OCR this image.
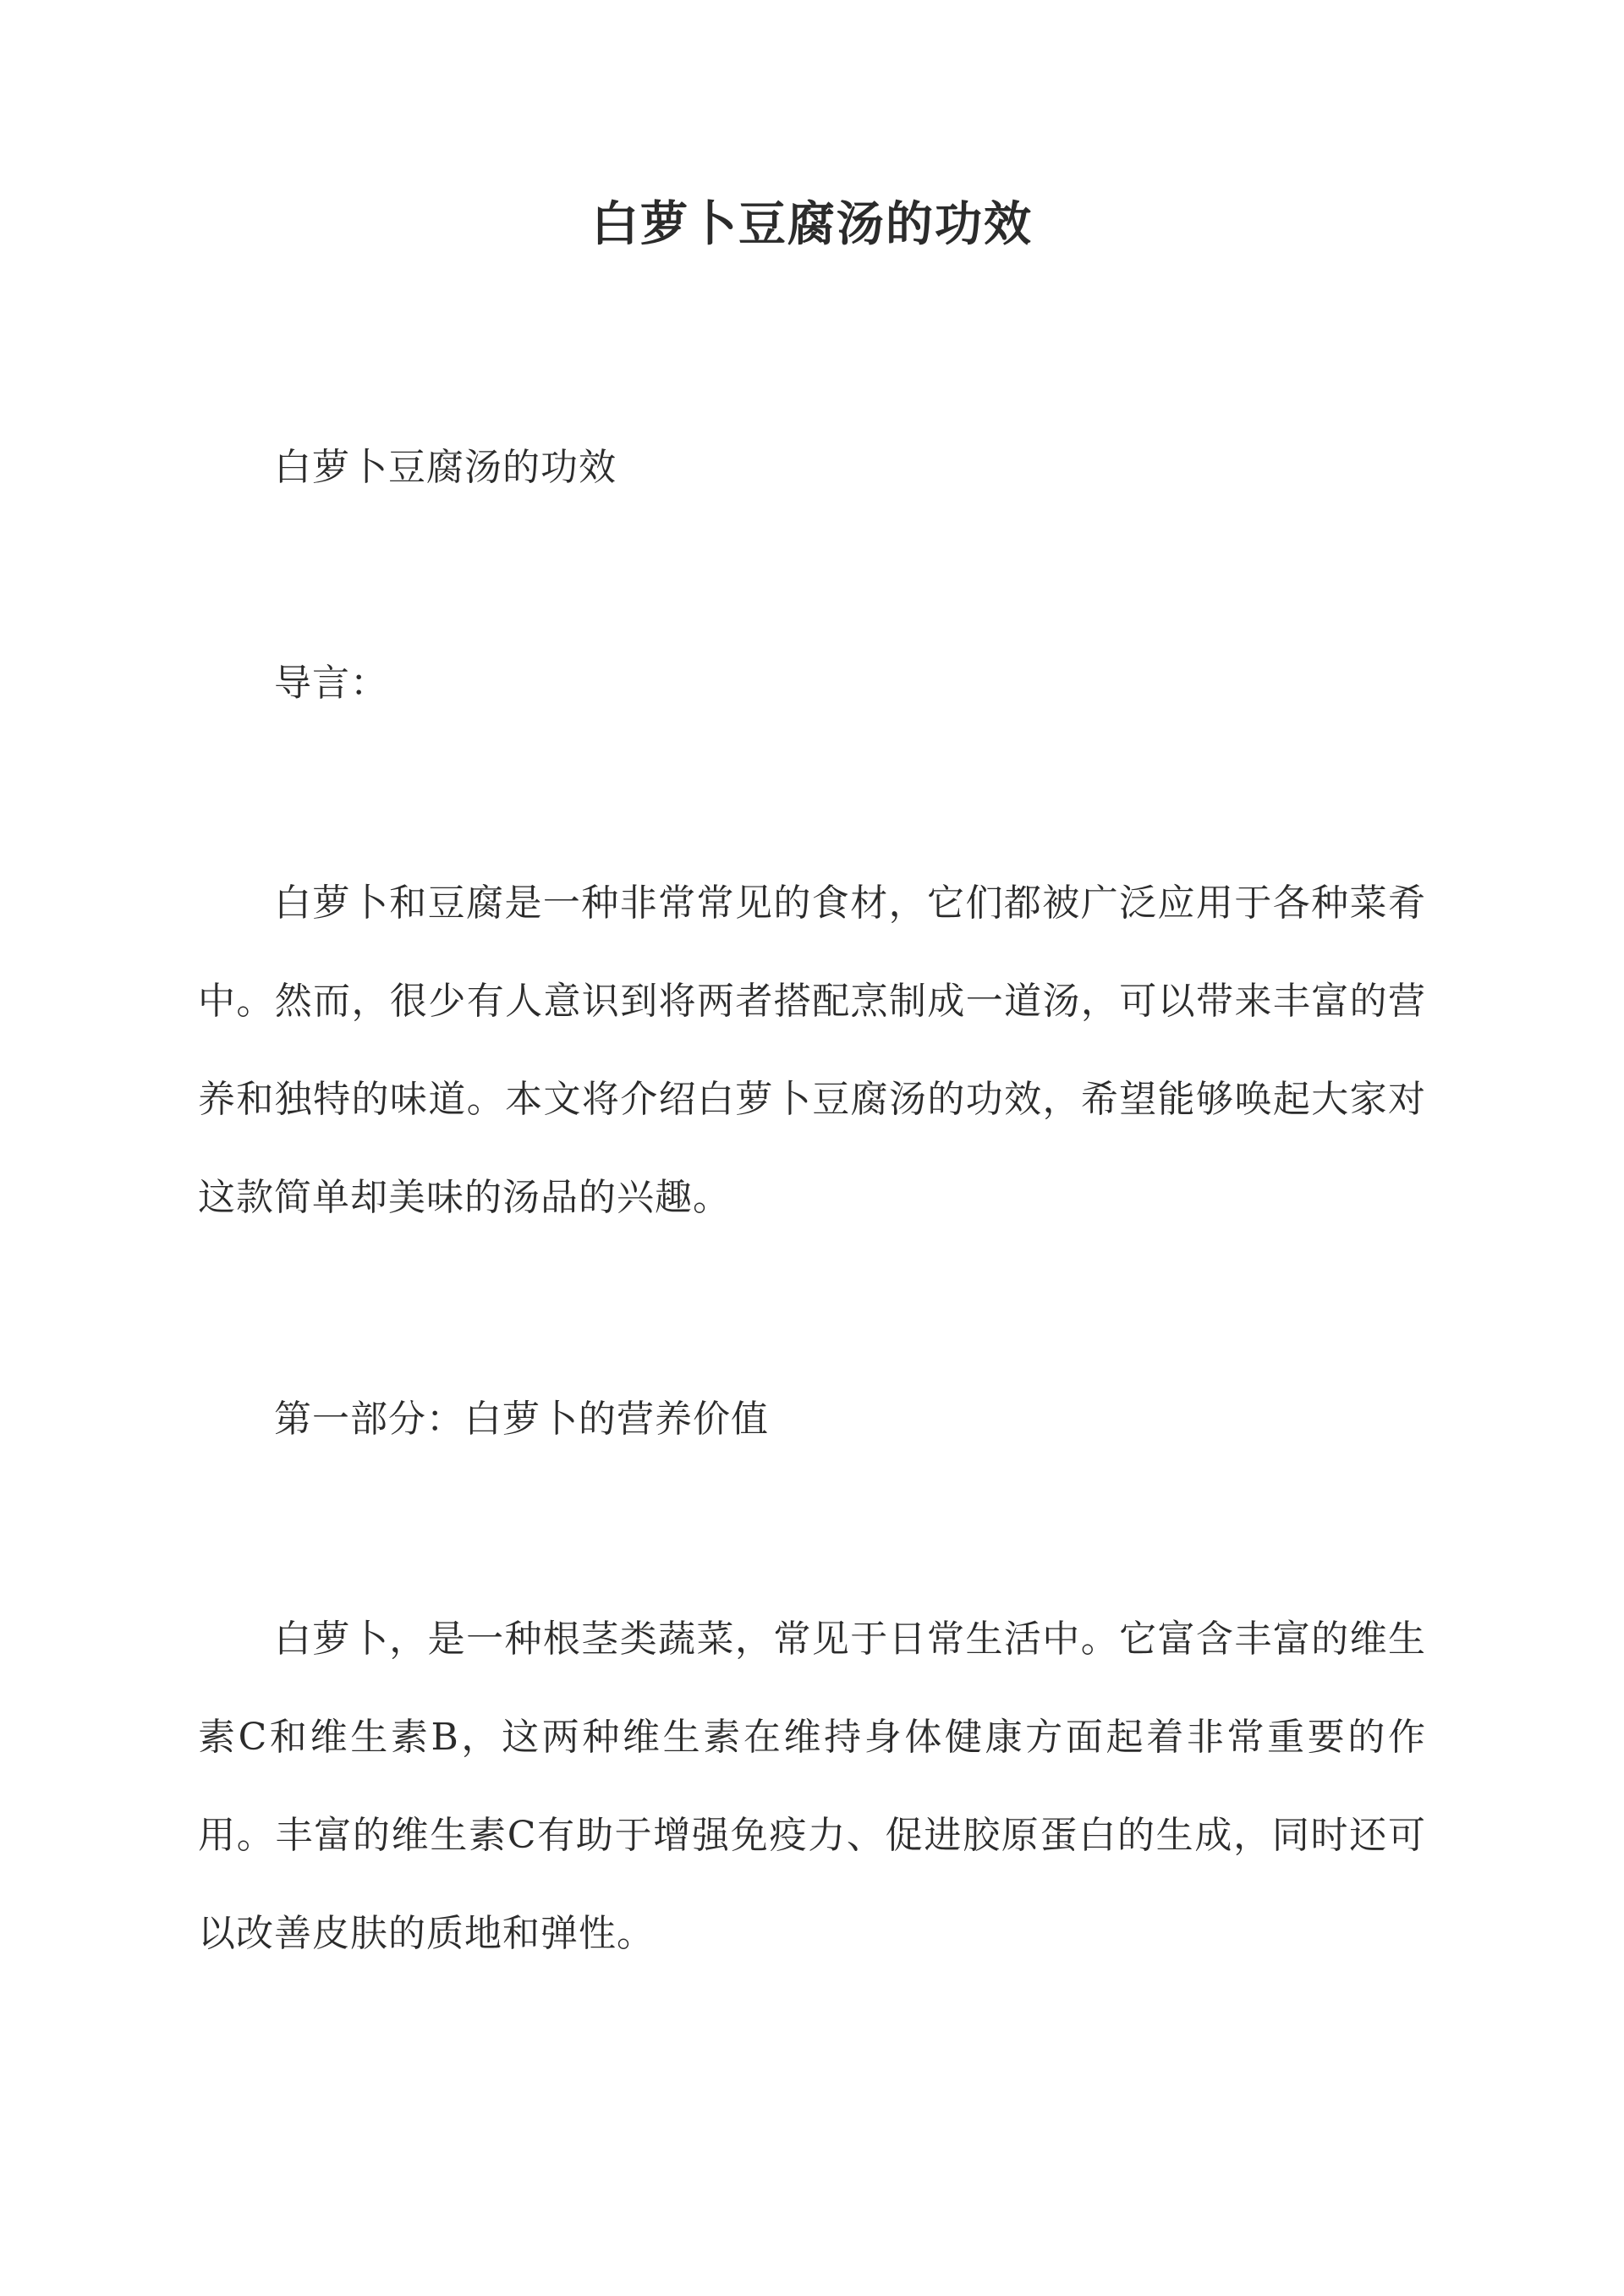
白萝卜豆腐汤的功效

白萝卜豆腐汤的功效

导言：

白萝卜和豆腐是一种非常常见的食材，它们都被广泛应用于各种菜肴中。然而，很少有人意识到将两者搭配烹制成一道汤，可以带来丰富的营养和独特的味道。本文将介绍白萝卜豆腐汤的功效，希望能够唤起大家对这款简单却美味的汤品的兴趣。

第一部分：白萝卜的营养价值

白萝卜，是一种根茎类蔬菜，常见于日常生活中。它富含丰富的维生素C和维生素B，这两种维生素在维持身体健康方面起着非常重要的作用。丰富的维生素C有助于增强免疫力、促进胶原蛋白的生成，同时还可以改善皮肤的质地和弹性。
